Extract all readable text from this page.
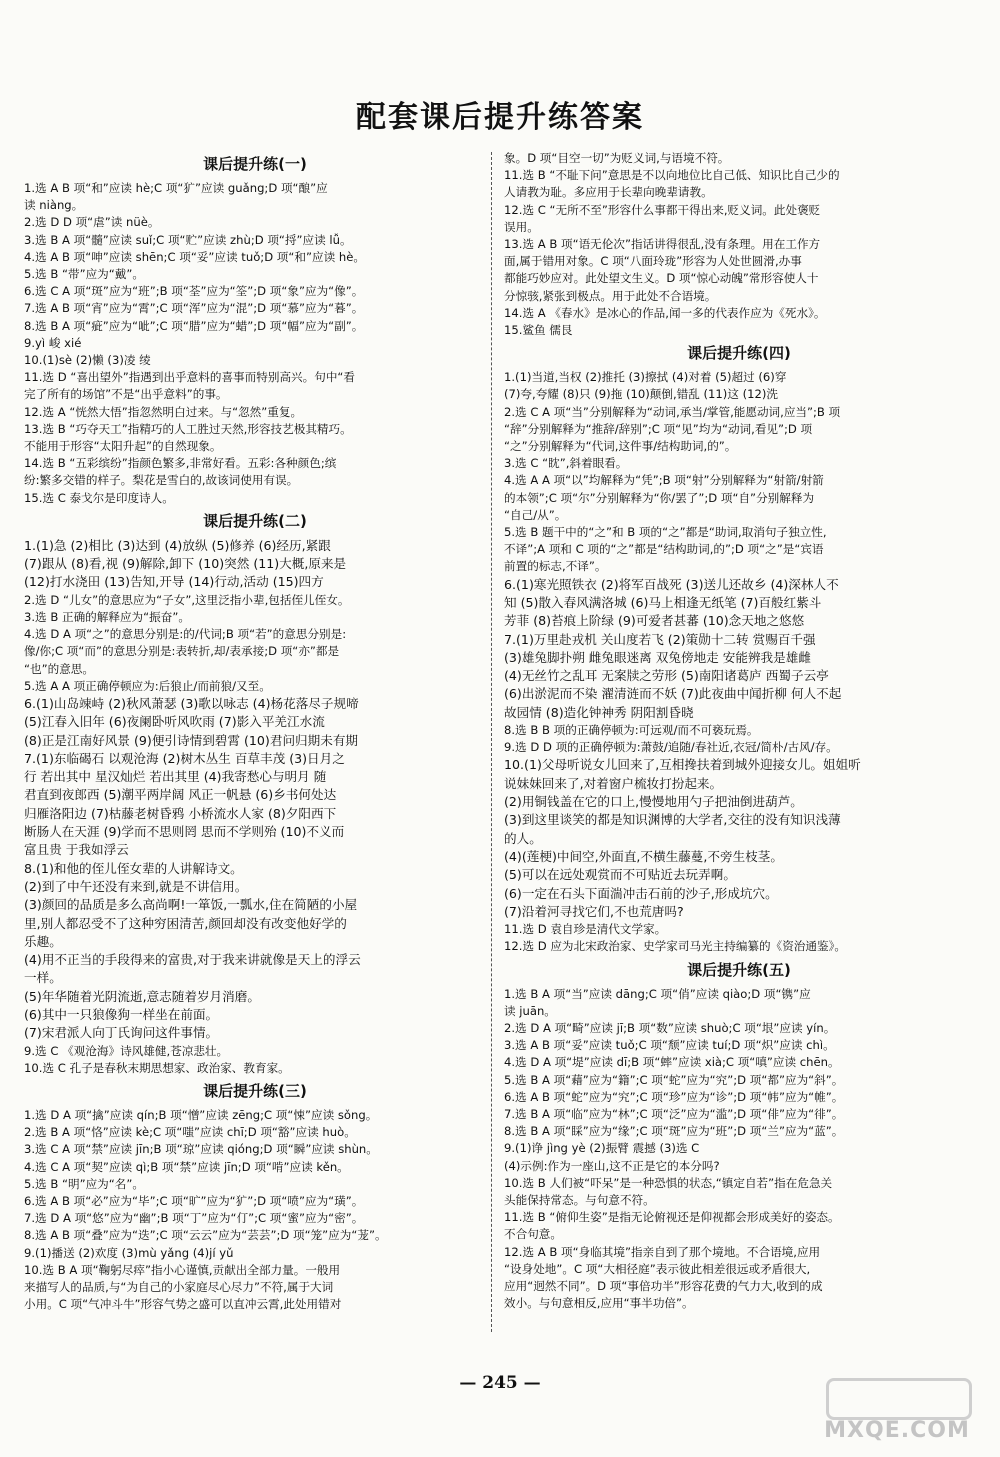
配套课后提升练答案
课后提升练(一)
1.选 A B 项“和”应读 hè;C 项“犷”应读 guǎng;D 项“酿”应
读 niàng。
2.选 D D 项“虐”读 nüè。
3.选 B A 项“髓”应读 suǐ;C 项“贮”应读 zhù;D 项“捋”应读 lǚ。
4.选 A B 项“呻”应读 shēn;C 项“妥”应读 tuǒ;D 项“和”应读 hè。
5.选 B “带”应为“戴”。
6.选 C A 项“斑”应为“班”;B 项“荃”应为“筌”;D 项“象”应为“像”。
7.选 A B 项“宵”应为“霄”;C 项“浑”应为“混”;D 项“慕”应为“暮”。
8.选 B A 项“疵”应为“呲”;C 项“腊”应为“蜡”;D 项“幅”应为“副”。
9.yì 峻 xié
10.(1)sè (2)懒 (3)凌 绫
11.选 D “喜出望外”指遇到出乎意料的喜事而特别高兴。句中“看
完了所有的场馆”不是“出乎意料”的事。
12.选 A “恍然大悟”指忽然明白过来。与“忽然”重复。
13.选 B “巧夺天工”指精巧的人工胜过天然,形容技艺极其精巧。
不能用于形容“太阳升起”的自然现象。
14.选 B “五彩缤纷”指颜色繁多,非常好看。五彩:各种颜色;缤
纷:繁多交错的样子。梨花是雪白的,故该词使用有误。
15.选 C 泰戈尔是印度诗人。
课后提升练(二)
1.(1)急 (2)相比 (3)达到 (4)放纵 (5)修养 (6)经历,紧跟
(7)跟从 (8)看,视 (9)解除,卸下 (10)突然 (11)大概,原来是
(12)打水浇田 (13)告知,开导 (14)行动,活动 (15)四方
2.选 D “儿女”的意思应为“子女”,这里泛指小辈,包括侄儿侄女。
3.选 B 正确的解释应为“振奋”。
4.选 D A 项“之”的意思分别是:的/代词;B 项“若”的意思分别是:
像/你;C 项“而”的意思分别是:表转折,却/表承接;D 项“亦”都是
“也”的意思。
5.选 A A 项正确停顿应为:后狼止/而前狼/又至。
6.(1)山岛竦峙 (2)秋风萧瑟 (3)歌以咏志 (4)杨花落尽子规啼
(5)江春入旧年 (6)夜阑卧听风吹雨 (7)影入平羌江水流
(8)正是江南好风景 (9)便引诗情到碧霄 (10)君问归期未有期
7.(1)东临碣石 以观沧海 (2)树木丛生 百草丰茂 (3)日月之
行 若出其中 星汉灿烂 若出其里 (4)我寄愁心与明月 随
君直到夜郎西 (5)潮平两岸阔 风正一帆悬 (6)乡书何处达
归雁洛阳边 (7)枯藤老树昏鸦 小桥流水人家 (8)夕阳西下
断肠人在天涯 (9)学而不思则罔 思而不学则殆 (10)不义而
富且贵 于我如浮云
8.(1)和他的侄儿侄女辈的人讲解诗文。
(2)到了中午还没有来到,就是不讲信用。
(3)颜回的品质是多么高尚啊!一箪饭,一瓢水,住在简陋的小屋
里,别人都忍受不了这种穷困清苦,颜回却没有改变他好学的
乐趣。
(4)用不正当的手段得来的富贵,对于我来讲就像是天上的浮云
一样。
(5)年华随着光阴流逝,意志随着岁月消磨。
(6)其中一只狼像狗一样坐在前面。
(7)宋君派人向丁氏询问这件事情。
9.选 C 《观沧海》诗风雄健,苍凉悲壮。
10.选 C 孔子是春秋末期思想家、政治家、教育家。
课后提升练(三)
1.选 D A 项“擒”应读 qín;B 项“憎”应读 zēng;C 项“悚”应读 sǒng。
2.选 B A 项“恪”应读 kè;C 项“嗤”应读 chī;D 项“豁”应读 huò。
3.选 C A 项“禁”应读 jīn;B 项“琼”应读 qióng;D 项“瞬”应读 shùn。
4.选 C A 项“契”应读 qì;B 项“禁”应读 jīn;D 项“啃”应读 kěn。
5.选 B “明”应为“名”。
6.选 A B 项“必”应为“毕”;C 项“旷”应为“犷”;D 项“喷”应为“璜”。
7.选 D A 项“悠”应为“幽”;B 项“丁”应为“仃”;C 项“蜜”应为“密”。
8.选 A B 项“叠”应为“迭”;C 项“云云”应为“芸芸”;D 项“笼”应为“茏”。
9.(1)播送 (2)欢度 (3)mù yǎng (4)jí yǔ
10.选 B A 项“鞠躬尽瘁”指小心谨慎,贡献出全部力量。一般用
来描写人的品质,与“为自己的小家庭尽心尽力”不符,属于大词
小用。C 项“气冲斗牛”形容气势之盛可以直冲云霄,此处用错对
象。D 项“目空一切”为贬义词,与语境不符。
11.选 B “不耻下问”意思是不以向地位比自己低、知识比自己少的
人请教为耻。多应用于长辈向晚辈请教。
12.选 C “无所不至”形容什么事都干得出来,贬义词。此处褒贬
误用。
13.选 A B 项“语无伦次”指话讲得很乱,没有条理。用在工作方
面,属于错用对象。C 项“八面玲珑”形容为人处世圆滑,办事
都能巧妙应对。此处望文生义。D 项“惊心动魄”常形容使人十
分惊骇,紧张到极点。用于此处不合语境。
14.选 A 《春水》是冰心的作品,闻一多的代表作应为《死水》。
15.鲨鱼 儒艮
课后提升练(四)
1.(1)当道,当权 (2)推托 (3)擦拭 (4)对着 (5)超过 (6)穿
(7)夸,夸耀 (8)只 (9)拖 (10)颠倒,错乱 (11)这 (12)洗
2.选 C A 项“当”分别解释为“动词,承当/掌管,能愿动词,应当”;B 项
“辞”分别解释为“推辞/辞别”;C 项“见”均为“动词,看见”;D 项
“之”分别解释为“代词,这件事/结构助词,的”。
3.选 C “眈”,斜着眼看。
4.选 A A 项“以”均解释为“凭”;B 项“射”分别解释为“射箭/射箭
的本领”;C 项“尔”分别解释为“你/罢了”;D 项“自”分别解释为
“自己/从”。
5.选 B 题干中的“之”和 B 项的“之”都是“助词,取消句子独立性,
不译”;A 项和 C 项的“之”都是“结构助词,的”;D 项“之”是“宾语
前置的标志,不译”。
6.(1)寒光照铁衣 (2)将军百战死 (3)送儿还故乡 (4)深林人不
知 (5)散入春风满洛城 (6)马上相逢无纸笔 (7)百般红紫斗
芳菲 (8)苔痕上阶绿 (9)可爱者甚蕃 (10)念天地之悠悠
7.(1)万里赴戎机 关山度若飞 (2)策勋十二转 赏赐百千强
(3)雄兔脚扑朔 雌兔眼迷离 双兔傍地走 安能辨我是雄雌
(4)无丝竹之乱耳 无案牍之劳形 (5)南阳诸葛庐 西蜀子云亭
(6)出淤泥而不染 濯清涟而不妖 (7)此夜曲中闻折柳 何人不起
故园情 (8)造化钟神秀 阴阳割昏晓
8.选 B B 项的正确停顿为:可远观/而不可亵玩焉。
9.选 D D 项的正确停顿为:萧鼓/追随/春社近,衣冠/简朴/古风/存。
10.(1)父母听说女儿回来了,互相搀扶着到城外迎接女儿。姐姐听
说妹妹回来了,对着窗户梳妆打扮起来。
(2)用铜钱盖在它的口上,慢慢地用勺子把油倒进葫芦。
(3)到这里谈笑的都是知识渊博的大学者,交往的没有知识浅薄
的人。
(4)(莲梗)中间空,外面直,不横生藤蔓,不旁生枝茎。
(5)可以在远处观赏而不可贴近去玩弄啊。
(6)一定在石头下面湍冲击石前的沙子,形成坑穴。
(7)沿着河寻找它们,不也荒唐吗?
11.选 D 袁自珍是清代文学家。
12.选 D 应为北宋政治家、史学家司马光主持编纂的《资治通鉴》。
课后提升练(五)
1.选 B A 项“当”应读 dāng;C 项“俏”应读 qiào;D 项“镌”应
读 juān。
2.选 D A 项“畸”应读 jī;B 项“数”应读 shuò;C 项“垠”应读 yín。
3.选 A B 项“妥”应读 tuǒ;C 项“颓”应读 tuí;D 项“炽”应读 chì。
4.选 D A 项“堤”应读 dī;B 项“蟀”应读 xià;C 项“嗔”应读 chēn。
5.选 B A 项“藉”应为“籍”;C 项“蛇”应为“究”;D 项“都”应为“斜”。
6.选 A B 项“蛇”应为“究”;C 项“珍”应为“诊”;D 项“帏”应为“帷”。
7.选 B A 项“临”应为“林”;C 项“泛”应为“滥”;D 项“俳”应为“徘”。
8.选 B A 项“睬”应为“缘”;C 项“斑”应为“班”;D 项“兰”应为“蓝”。
9.(1)诤 jìng yè (2)振臂 震撼 (3)选 C
(4)示例:作为一座山,这不正是它的本分吗?
10.选 B 人们被“吓呆”是一种恐惧的状态,“镇定自若”指在危急关
头能保持常态。与句意不符。
11.选 B “俯仰生姿”是指无论俯视还是仰视都会形成美好的姿态。
不合句意。
12.选 A B 项“身临其境”指亲自到了那个境地。不合语境,应用
“设身处地”。C 项“大相径庭”表示彼此相差很远或矛盾很大,
应用“迥然不同”。D 项“事倍功半”形容花费的气力大,收到的成
效小。与句意相反,应用“事半功倍”。
— 245 —
MXQE.COM
